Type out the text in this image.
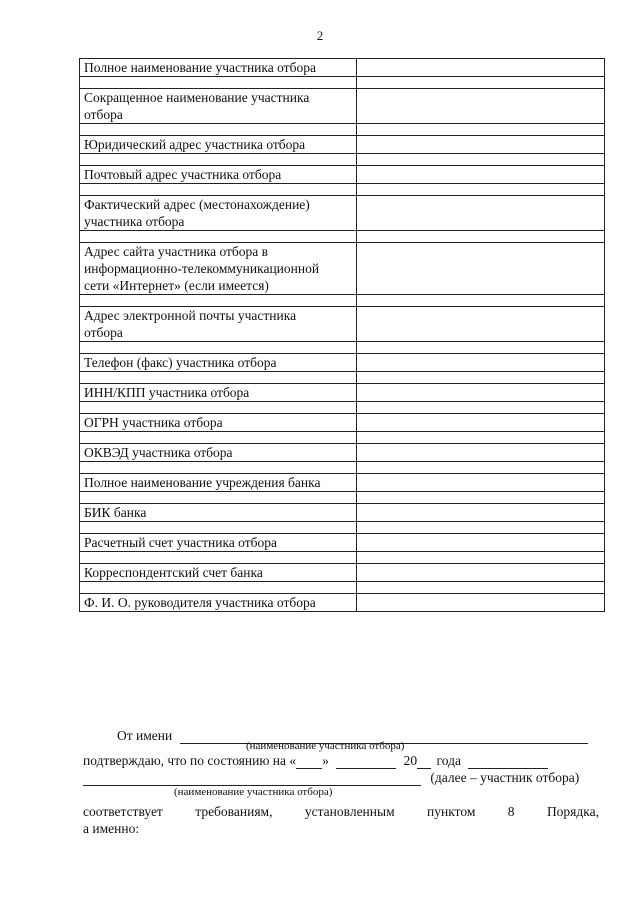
2
Полное наименование участника отбора	

Сокращенное наименование участника
отбора	

Юридический адрес участника отбора	

Почтовый адрес участника отбора	

Фактический адрес (местонахождение)
участника отбора	

Адрес сайта участника отбора в
информационно-телекоммуникационной
сети «Интернет» (если имеется)	

Адрес электронной почты участника
отбора	

Телефон (факс) участника отбора	

ИНН/КПП участника отбора	

ОГРН участника отбора	

ОКВЭД участника отбора	

Полное наименование учреждения банка	

БИК банка	

Расчетный счет участника отбора	

Корреспондентский счет банка	

Ф. И. О. руководителя участника отбора	

От имени
(наименование участника отбора)
подтверждаю, что по состоянию на « »	20 года
(далее – участник отбора)
(наименование участника отбора)
соответствует требованиям, установленным пунктом 8 Порядка,
а именно:
